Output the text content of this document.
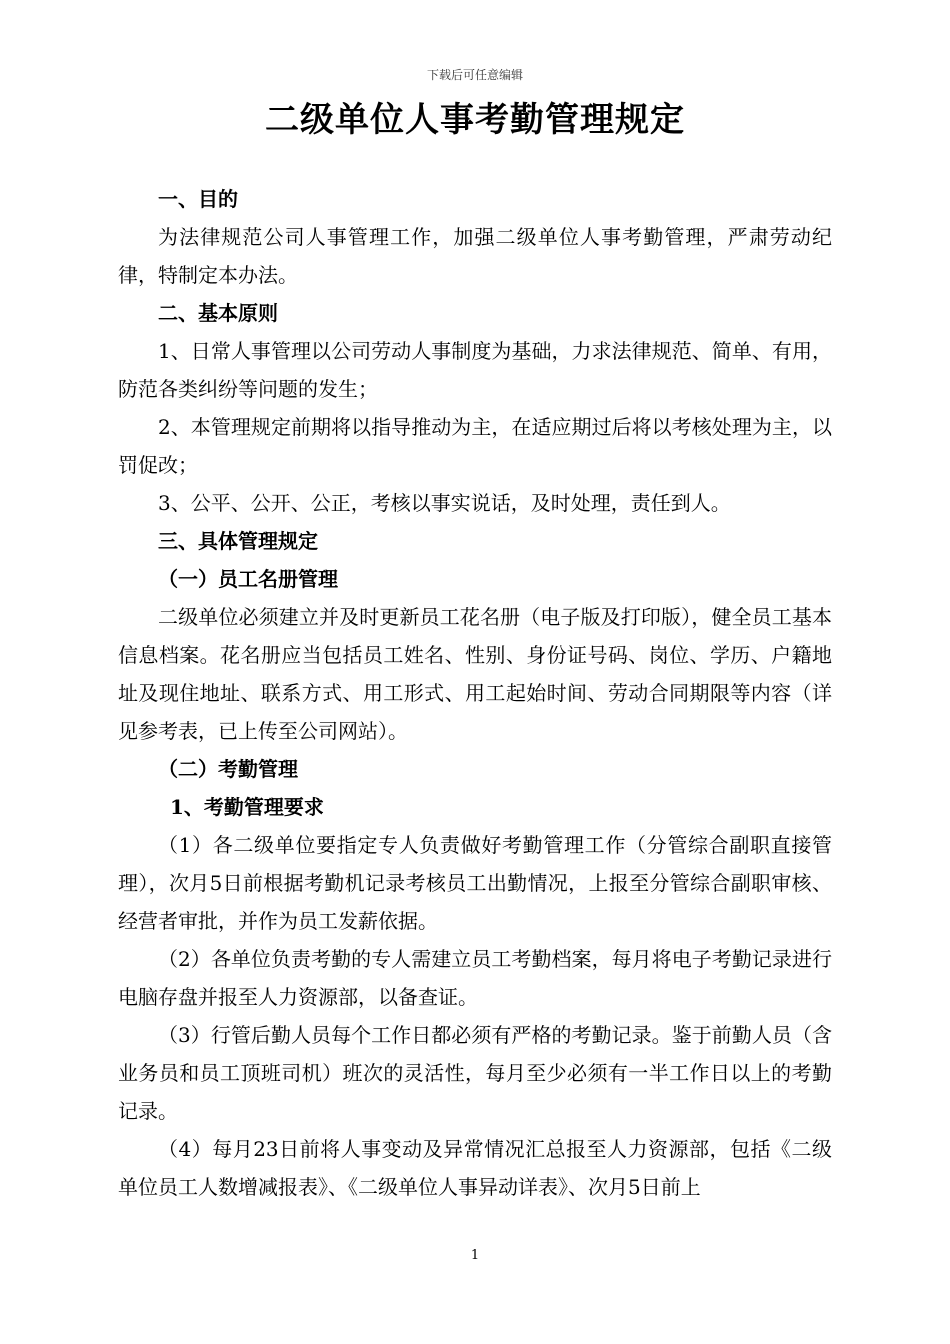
下载后可任意编辑
二级单位人事考勤管理规定

一、目的

为法律规范公司人事管理工作，加强二级单位人事考勤管理，严肃劳动纪律，特制定本办法。

二、基本原则

1、日常人事管理以公司劳动人事制度为基础，力求法律规范、简单、有用，防范各类纠纷等问题的发生；

2、本管理规定前期将以指导推动为主，在适应期过后将以考核处理为主，以罚促改；

3、公平、公开、公正，考核以事实说话，及时处理，责任到人。

三、具体管理规定

（一）员工名册管理

二级单位必须建立并及时更新员工花名册（电子版及打印版），健全员工基本信息档案。花名册应当包括员工姓名、性别、身份证号码、岗位、学历、户籍地址及现住地址、联系方式、用工形式、用工起始时间、劳动合同期限等内容（详见参考表，已上传至公司网站）。

（二）考勤管理

1、考勤管理要求

（1）各二级单位要指定专人负责做好考勤管理工作（分管综合副职直接管理），次月5日前根据考勤机记录考核员工出勤情况，上报至分管综合副职审核、经营者审批，并作为员工发薪依据。

（2）各单位负责考勤的专人需建立员工考勤档案，每月将电子考勤记录进行电脑存盘并报至人力资源部，以备查证。

（3）行管后勤人员每个工作日都必须有严格的考勤记录。鉴于前勤人员（含业务员和员工顶班司机）班次的灵活性，每月至少必须有一半工作日以上的考勤记录。

（4）每月23日前将人事变动及异常情况汇总报至人力资源部，包括《二级单位员工人数增减报表》、《二级单位人事异动详表》、次月5日前上

1
